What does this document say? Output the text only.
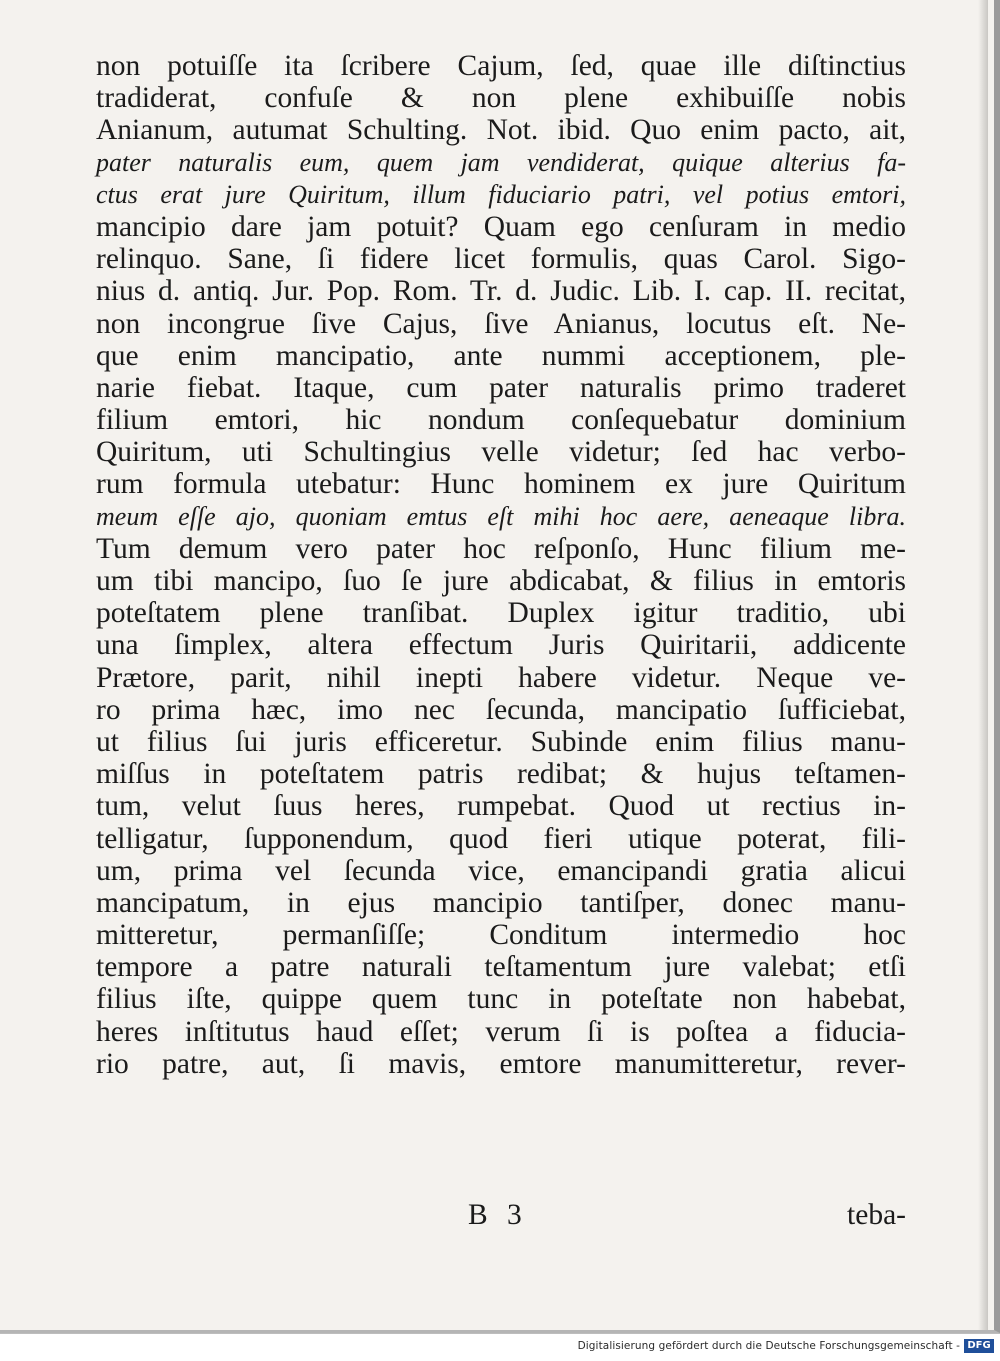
non potuiſſe ita ſcribere Cajum, ſed, quae ille diſtinctius
tradiderat, confuſe & non plene exhibuiſſe nobis
Anianum, autumat Schulting. Not. ibid. Quo enim pacto, ait,
pater naturalis eum, quem jam vendiderat, quique alterius fa-
ctus erat jure Quiritum, illum fiduciario patri, vel potius emtori,
mancipio dare jam potuit? Quam ego cenſuram in medio
relinquo. Sane, ſi fidere licet formulis, quas Carol. Sigo-
nius d. antiq. Jur. Pop. Rom. Tr. d. Judic. Lib. I. cap. II. recitat,
non incongrue ſive Cajus, ſive Anianus, locutus eſt. Ne-
que enim mancipatio, ante nummi acceptionem, ple-
narie fiebat. Itaque, cum pater naturalis primo traderet
filium emtori, hic nondum conſequebatur dominium
Quiritum, uti Schultingius velle videtur; ſed hac verbo-
rum formula utebatur: Hunc hominem ex jure Quiritum
meum eſſe ajo, quoniam emtus eſt mihi hoc aere, aeneaque libra.
Tum demum vero pater hoc reſponſo, Hunc filium me-
um tibi mancipo, ſuo ſe jure abdicabat, & filius in emtoris
poteſtatem plene tranſibat. Duplex igitur traditio, ubi
una ſimplex, altera effectum Juris Quiritarii, addicente
Prætore, parit, nihil inepti habere videtur. Neque ve-
ro prima hæc, imo nec ſecunda, mancipatio ſufficiebat,
ut filius ſui juris efficeretur. Subinde enim filius manu-
miſſus in poteſtatem patris redibat; & hujus teſtamen-
tum, velut ſuus heres, rumpebat. Quod ut rectius in-
telligatur, ſupponendum, quod fieri utique poterat, fili-
um, prima vel ſecunda vice, emancipandi gratia alicui
mancipatum, in ejus mancipio tantiſper, donec manu-
mitteretur, permanſiſſe; Conditum intermedio hoc
tempore a patre naturali teſtamentum jure valebat; etſi
filius iſte, quippe quem tunc in poteſtate non habebat,
heres inſtitutus haud eſſet; verum ſi is poſtea a fiducia-
rio patre, aut, ſi mavis, emtore manumitteretur, rever-
B 3	teba-
Digitalisierung gefördert durch die Deutsche Forschungsgemeinschaft - DFG
